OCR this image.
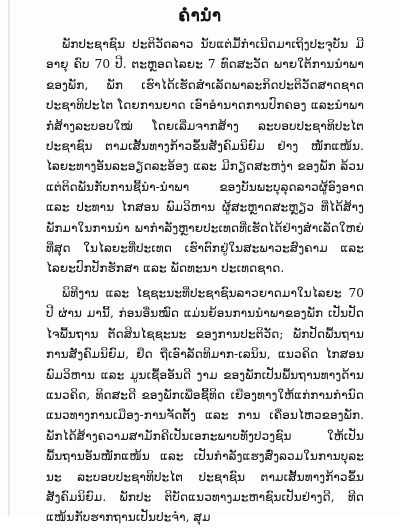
ຄໍານໍາ

ພັກປະຊາຊົນ ປະຕິວັດລາວ ນັບແຕ່ມື້ກໍາເນີດມາເຖິງປະຈຸບັນ ມີອາຍຸ ຄົບ 70 ປີ. ຕະຫຼອດໄລຍະ 7 ທົດສະວັດ ພາຍໃຕ້ການນໍາພາຂອງພັກ, ພັກ ເຮົາໄດ້ເຮັດສໍາເລັດພາລະກິດປະຕິວັດສາດຊາດປະຊາທິປະໄຕ ໂດຍການຍາດ ເອົາອໍານາດການປົກຄອງ ແລະນໍາພາກໍ່ສ້າງລະບອບໃໝ່ ໂດຍເລີ່ມຈາກສ້າງ ລະບອບປະຊາທິປະໄຕ ປະຊາຊົນ ຕາມເສັ້ນທາງກ້າວຂຶ້ນສັງຄົມນິຍົມ ຢ່າງ ໜັກແໜ້ນ. ໄລຍະທາງອັນລະອຽດລະອ້ອງ ແລະ ມີກຽດສະຫງ່າ ຂອງພັກ ລ້ວນແຕ່ຕິດພັນກັບການຊີ້ນໍາ-ນໍາພາ ຂອງບັນພະບຸລຸດລາວຜູ້ອົງອາດ ແລະ ປະທານ ໄກສອນ ພົມວິຫານ ຜູ້ສະຫຼາດສະຫຼຽວ ທີ່ໄດ້ສ້າງພັກມາໃນການນໍາ ພາກໍາລັງຫຼາຍປະເທດທີ່ເຮັດໄດ້ຢ່າງສໍາເລັດໃຫຍ່ທີ່ສຸດ ໃນໄລຍະທີ່ປະເທດ ເຮົາຕົກຢູ່ໃນສະພາວະສົງຄາມ ແລະ ໄລຍະປົກປັກຮັກສາ ແລະ ພັດທະນາ ປະເທດຊາດ.

ພິທີງານ ແລະ ໄຊຊະນະທີ່ປະຊາຊົນລາວຍາດມາໃນໄລຍະ 70 ປີ ຜ່ານ ມານີ້, ກ່ອນອື່ນໝົດ ແມ່ນຍ້ອນການນໍາພາຂອງພັກ ເປັນປັດໄຈພື້ນຖານ ຕັດສິນໄຊຊະນະ ຂອງການປະຕິວັດ; ພັກປັດພື້ນຖານການສັງຄົມນິຍົມ, ຢຶດ ຖືເອົາລັດທິມາກ-ເລນິນ, ແນວຄິດ ໄກສອນ ພົມວິຫານ ແລະ ມູນເຊື້ອອັນດີ ງາມ ຂອງພັກເປັນພື້ນຖານທາງດ້ານແນວຄິດ, ທິດສະດີ ຂອງພັກເພື່ອຊີ້ທິດ ເຍືອງທາງໃຫ້ແກ່ການກໍານົດແນວທາງການເມືອງ-ການຈັດຕັ້ງ ແລະ ການ ເຄື່ອນໄຫວຂອງພັກ. ພັກໄດ້ສ້າງຄວາມສາມັກຄີເປັນເອກະພາບທັງປວງຊົນ ໃຫ້ເປັນພື້ນຖານອັນໜັກແໜ້ນ ແລະ ເປັນກໍາລັງແຮງສົ່ງລວມໃນການບຸລະນະ ລະບອບປະຊາທິປະໄຕ ປະຊາຊົນ ຕາມເສັ້ນທາງກ້າວຂຶ້ນສັງຄົມນິຍົມ. ພັກປະ ຕິບັດແນວທາງມະຫາຊົນເປັນຢ່າງດີ, ທີດແໜ້ນກັບຮາກຖານເປັນປະຈໍາ, ສຸມ
